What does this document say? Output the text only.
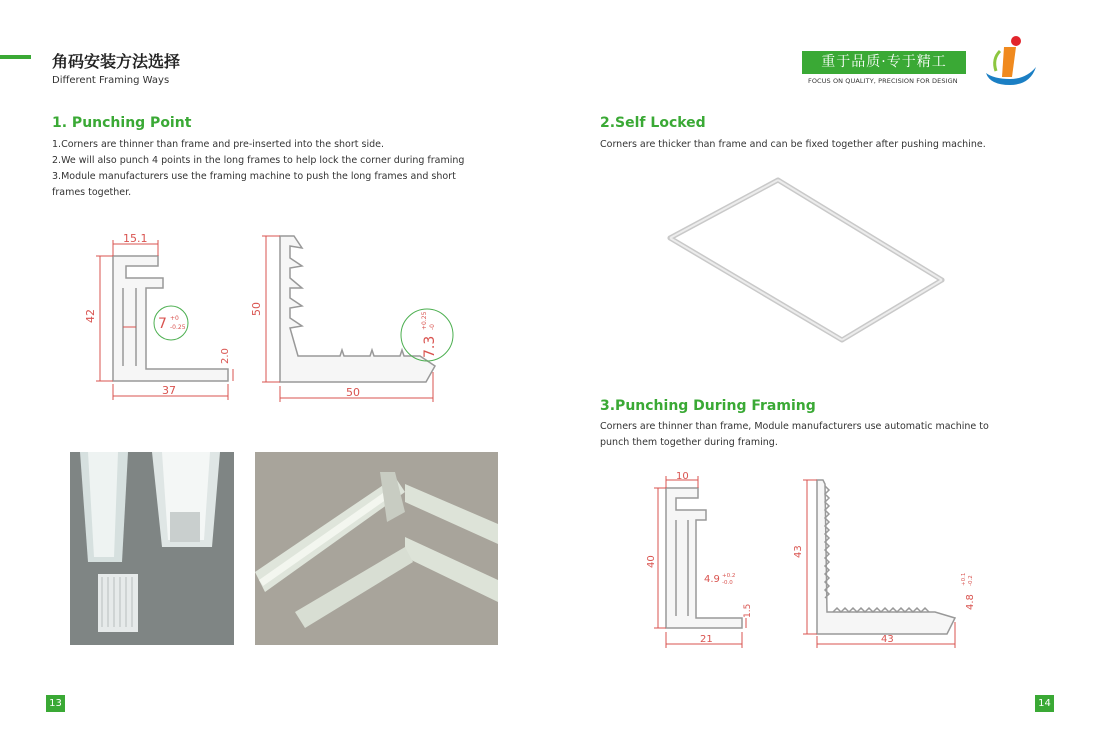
角码安装方法选择
Different Framing Ways
重于品质·专于精工
FOCUS ON QUALITY, PRECISION FOR DESIGN
1. Punching Point
1.Corners are thinner than frame and pre-inserted into the short side.
2.We will also punch 4 points in the long frames to help lock the corner during framing
3.Module manufacturers use the framing machine to push the long frames and short
frames together.
15.1
42	7 +0
-0.25
2.0
37
50
50
7.3
+0.25 -0
2.Self Locked
Corners are thicker than frame and can be fixed together after pushing machine.
3.Punching During Framing
Corners are thinner than frame, Module manufacturers use automatic machine to
punch them together during framing.
10
40
4.9 +0.2
-0.0
1.5
21
43
43
4.8
+0.1 -0.2
13	14
